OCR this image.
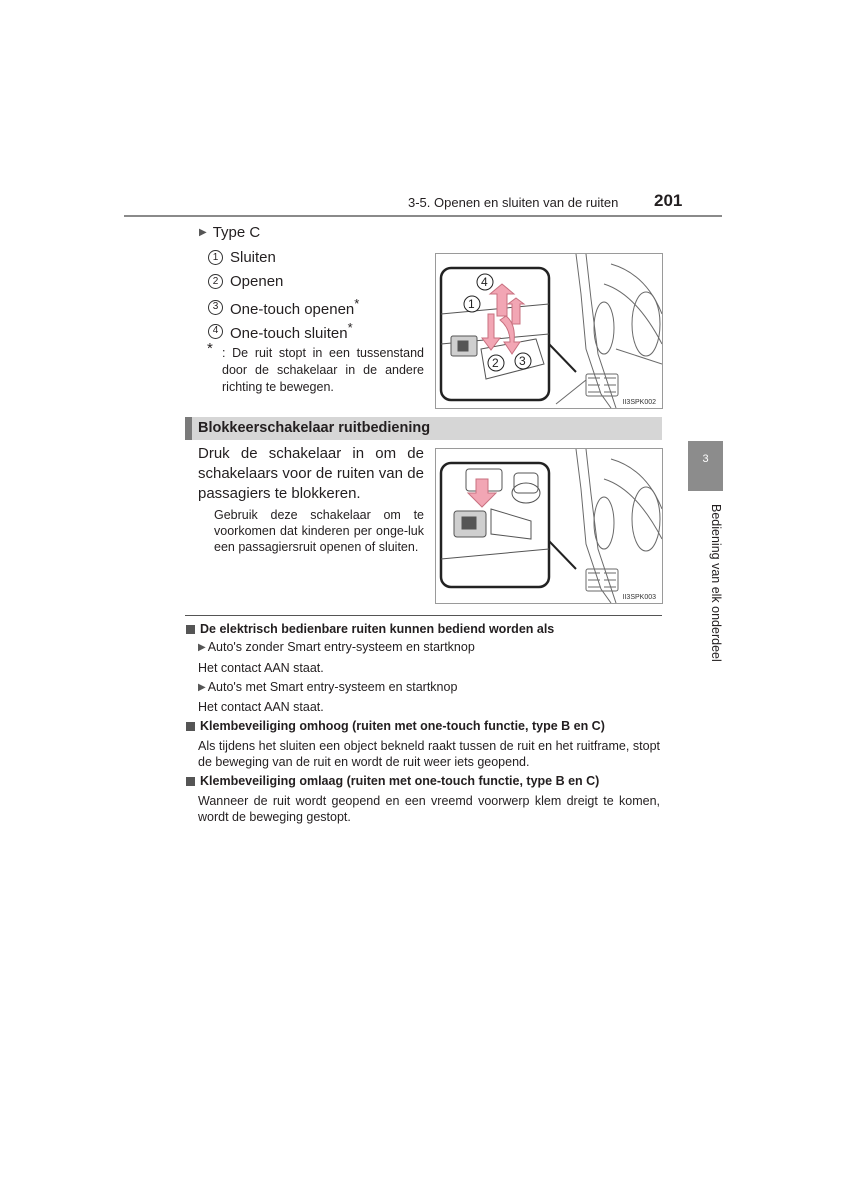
3-5. Openen en sluiten van de ruiten 201
3
Bediening van elk onderdeel
▶ Type C
1 Sluiten
2 Openen
3 One-touch openen*
4 One-touch sluiten*
* : De ruit stopt in een tussenstand door de schakelaar in de andere richting te bewegen.
4
1
2 3
II3SPK002
Blokkeerschakelaar ruitbediening
Druk de schakelaar in om de schakelaars voor de ruiten van de passagiers te blokkeren.
Gebruik deze schakelaar om te voorkomen dat kinderen per onge-luk een passagiersruit openen of sluiten.
II3SPK003
De elektrisch bedienbare ruiten kunnen bediend worden als
▶ Auto's zonder Smart entry-systeem en startknop
Het contact AAN staat.
▶ Auto's met Smart entry-systeem en startknop
Het contact AAN staat.
Klembeveiliging omhoog (ruiten met one-touch functie, type B en C)
Als tijdens het sluiten een object bekneld raakt tussen de ruit en het ruitframe, stopt de beweging van de ruit en wordt de ruit weer iets geopend.
Klembeveiliging omlaag (ruiten met one-touch functie, type B en C)
Wanneer de ruit wordt geopend en een vreemd voorwerp klem dreigt te komen, wordt de beweging gestopt.
